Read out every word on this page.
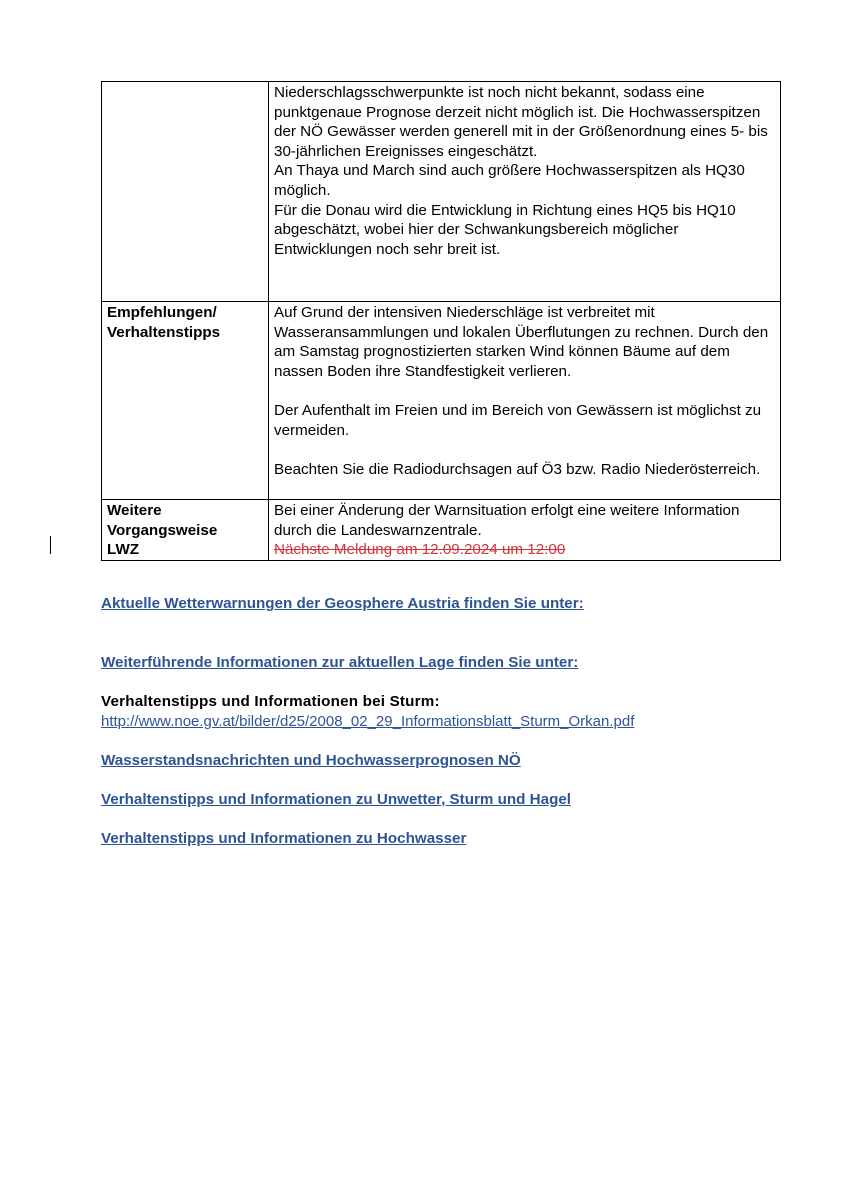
	Niederschlagsschwerpunkte ist noch nicht bekannt, sodass eine punktgenaue Prognose derzeit nicht möglich ist. Die Hochwasserspitzen der NÖ Gewässer werden generell mit in der Größenordnung eines 5- bis 30-jährlichen Ereignisses eingeschätzt.
An Thaya und March sind auch größere Hochwasserspitzen als HQ30 möglich.
Für die Donau wird die Entwicklung in Richtung eines HQ5 bis HQ10 abgeschätzt, wobei hier der Schwankungsbereich möglicher Entwicklungen noch sehr breit ist.

Empfehlungen/
Verhaltenstipps	Auf Grund der intensiven Niederschläge ist verbreitet mit Wasseransammlungen und lokalen Überflutungen zu rechnen. Durch den am Samstag prognostizierten starken Wind können Bäume auf dem nassen Boden ihre Standfestigkeit verlieren.
Der Aufenthalt im Freien und im Bereich von Gewässern ist möglichst zu vermeiden.
Beachten Sie die Radiodurchsagen auf Ö3 bzw. Radio Niederösterreich.

Weitere
Vorgangsweise
LWZ	Bei einer Änderung der Warnsituation erfolgt eine weitere Information durch die Landeswarnzentrale.
Nächste Meldung am 12.09.2024 um 12:00
Aktuelle Wetterwarnungen der Geosphere Austria finden Sie unter:
Weiterführende Informationen zur aktuellen Lage finden Sie unter:
Verhaltenstipps und Informationen bei Sturm:
http://www.noe.gv.at/bilder/d25/2008_02_29_Informationsblatt_Sturm_Orkan.pdf
Wasserstandsnachrichten und Hochwasserprognosen NÖ
Verhaltenstipps und Informationen zu Unwetter, Sturm und Hagel
Verhaltenstipps und Informationen zu Hochwasser
